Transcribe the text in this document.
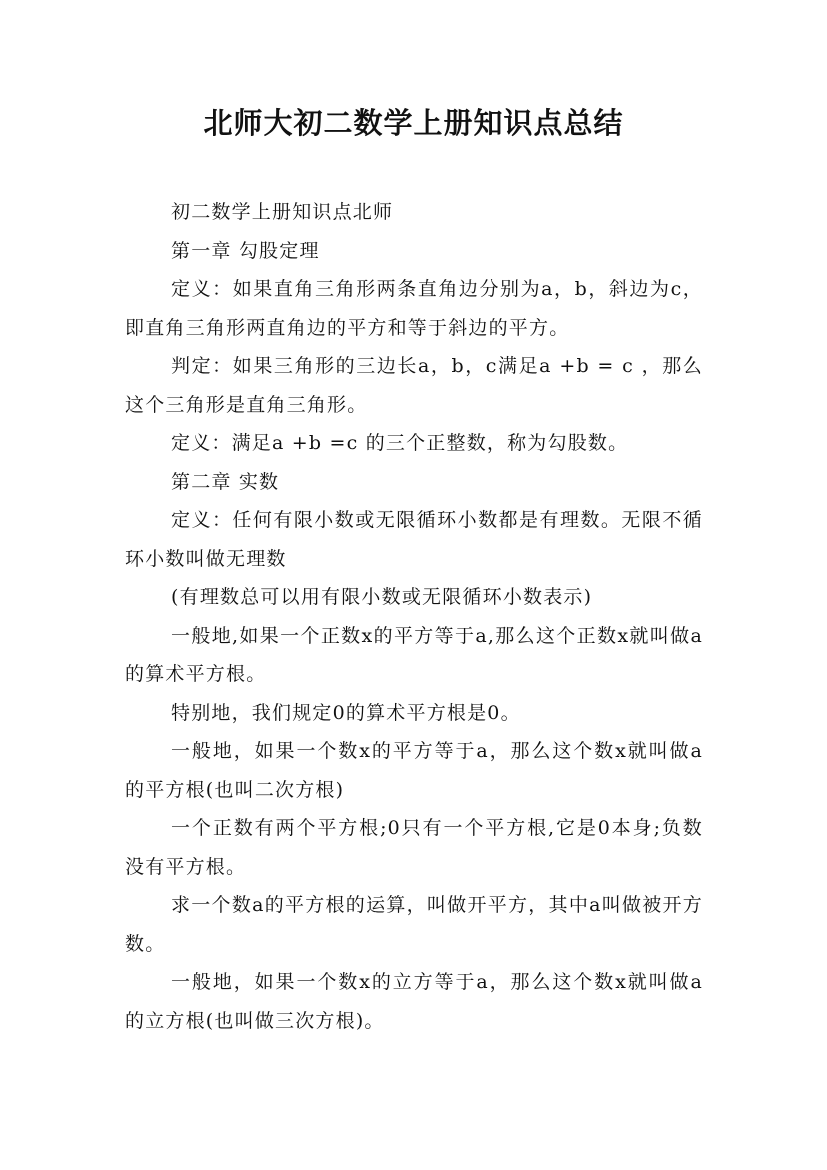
北师大初二数学上册知识点总结

初二数学上册知识点北师

第一章 勾股定理

定义：如果直角三角形两条直角边分别为a，b，斜边为c，即直角三角形两直角边的平方和等于斜边的平方。

判定：如果三角形的三边长a，b，c满足a +b = c ，那么这个三角形是直角三角形。

定义：满足a +b =c 的三个正整数，称为勾股数。

第二章 实数

定义：任何有限小数或无限循环小数都是有理数。无限不循环小数叫做无理数

(有理数总可以用有限小数或无限循环小数表示)

一般地,如果一个正数x的平方等于a,那么这个正数x就叫做a的算术平方根。

特别地，我们规定0的算术平方根是0。

一般地，如果一个数x的平方等于a，那么这个数x就叫做a的平方根(也叫二次方根)

一个正数有两个平方根;0只有一个平方根,它是0本身;负数没有平方根。

求一个数a的平方根的运算，叫做开平方，其中a叫做被开方数。

一般地，如果一个数x的立方等于a，那么这个数x就叫做a的立方根(也叫做三次方根)。
